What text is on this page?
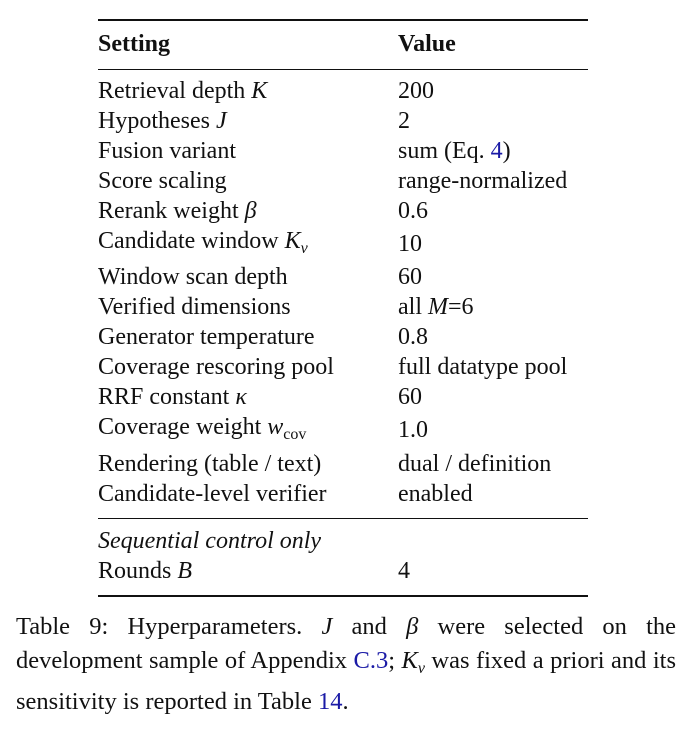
Setting	Value
Retrieval depth K	200
Hypotheses J	2
Fusion variant	sum (Eq. 4)
Score scaling	range-normalized
Rerank weight β	0.6
Candidate window $K_v$	10
Window scan depth	60
Verified dimensions	all M=6
Generator temperature	0.8
Coverage rescoring pool	full datatype pool
RRF constant κ	60
Coverage weight $w_{cov}$	1.0
Rendering (table / text)	dual / definition
Candidate-level verifier	enabled
Sequential control only
Rounds B	4
Table 9: Hyperparameters. J and β were selected on the development sample of Appendix C.3; $K_v$ was fixed a priori and its sensitivity is reported in Table 14.
